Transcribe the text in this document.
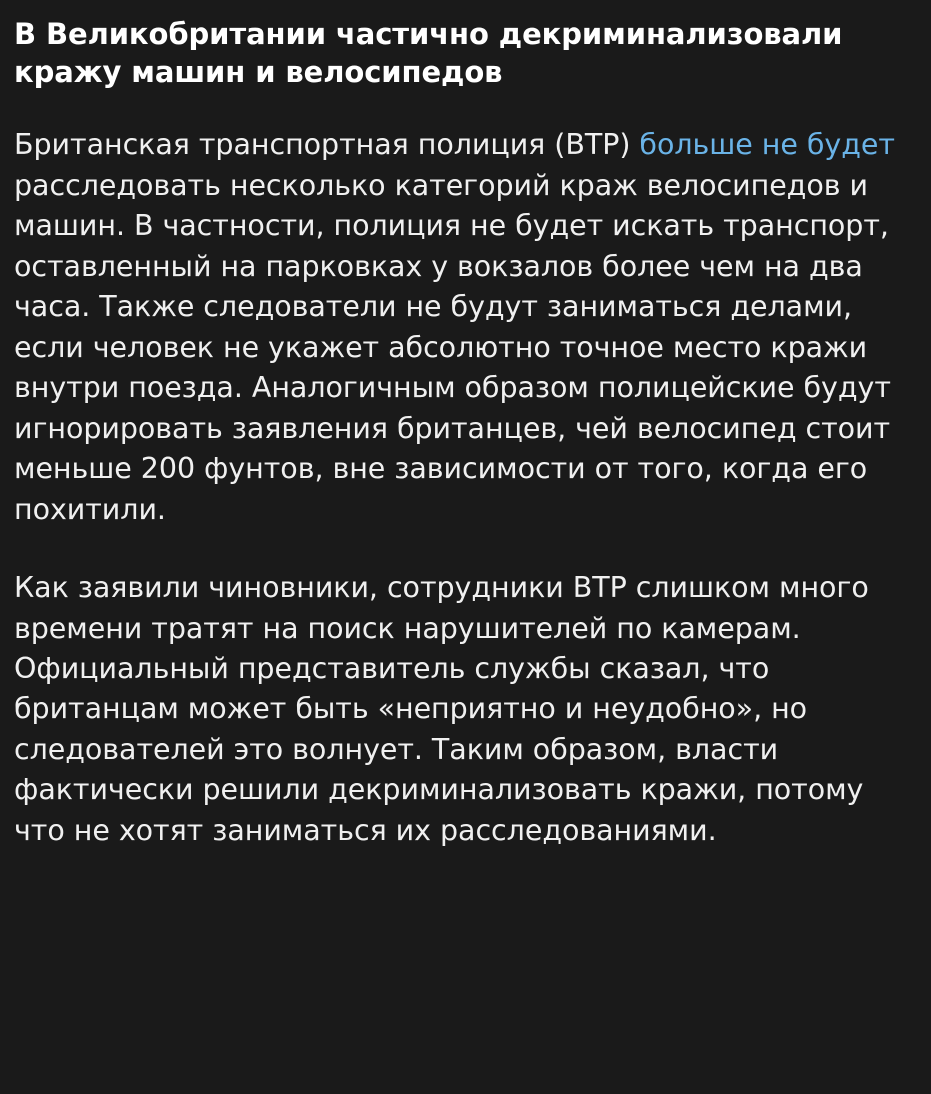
В Великобритании частично декриминализовали кражу машин и велосипедов

Британская транспортная полиция (BTP) больше не будет расследовать несколько категорий краж велосипедов и машин. В частности, полиция не будет искать транспорт, оставленный на парковках у вокзалов более чем на два часа. Также следователи не будут заниматься делами, если человек не укажет абсолютно точное место кражи внутри поезда. Аналогичным образом полицейские будут игнорировать заявления британцев, чей велосипед стоит меньше 200 фунтов, вне зависимости от того, когда его похитили.

Как заявили чиновники, сотрудники BTP слишком много времени тратят на поиск нарушителей по камерам. Официальный представитель службы сказал, что британцам может быть «неприятно и неудобно», но следователей это волнует. Таким образом, власти фактически решили декриминализовать кражи, потому что не хотят заниматься их расследованиями.
